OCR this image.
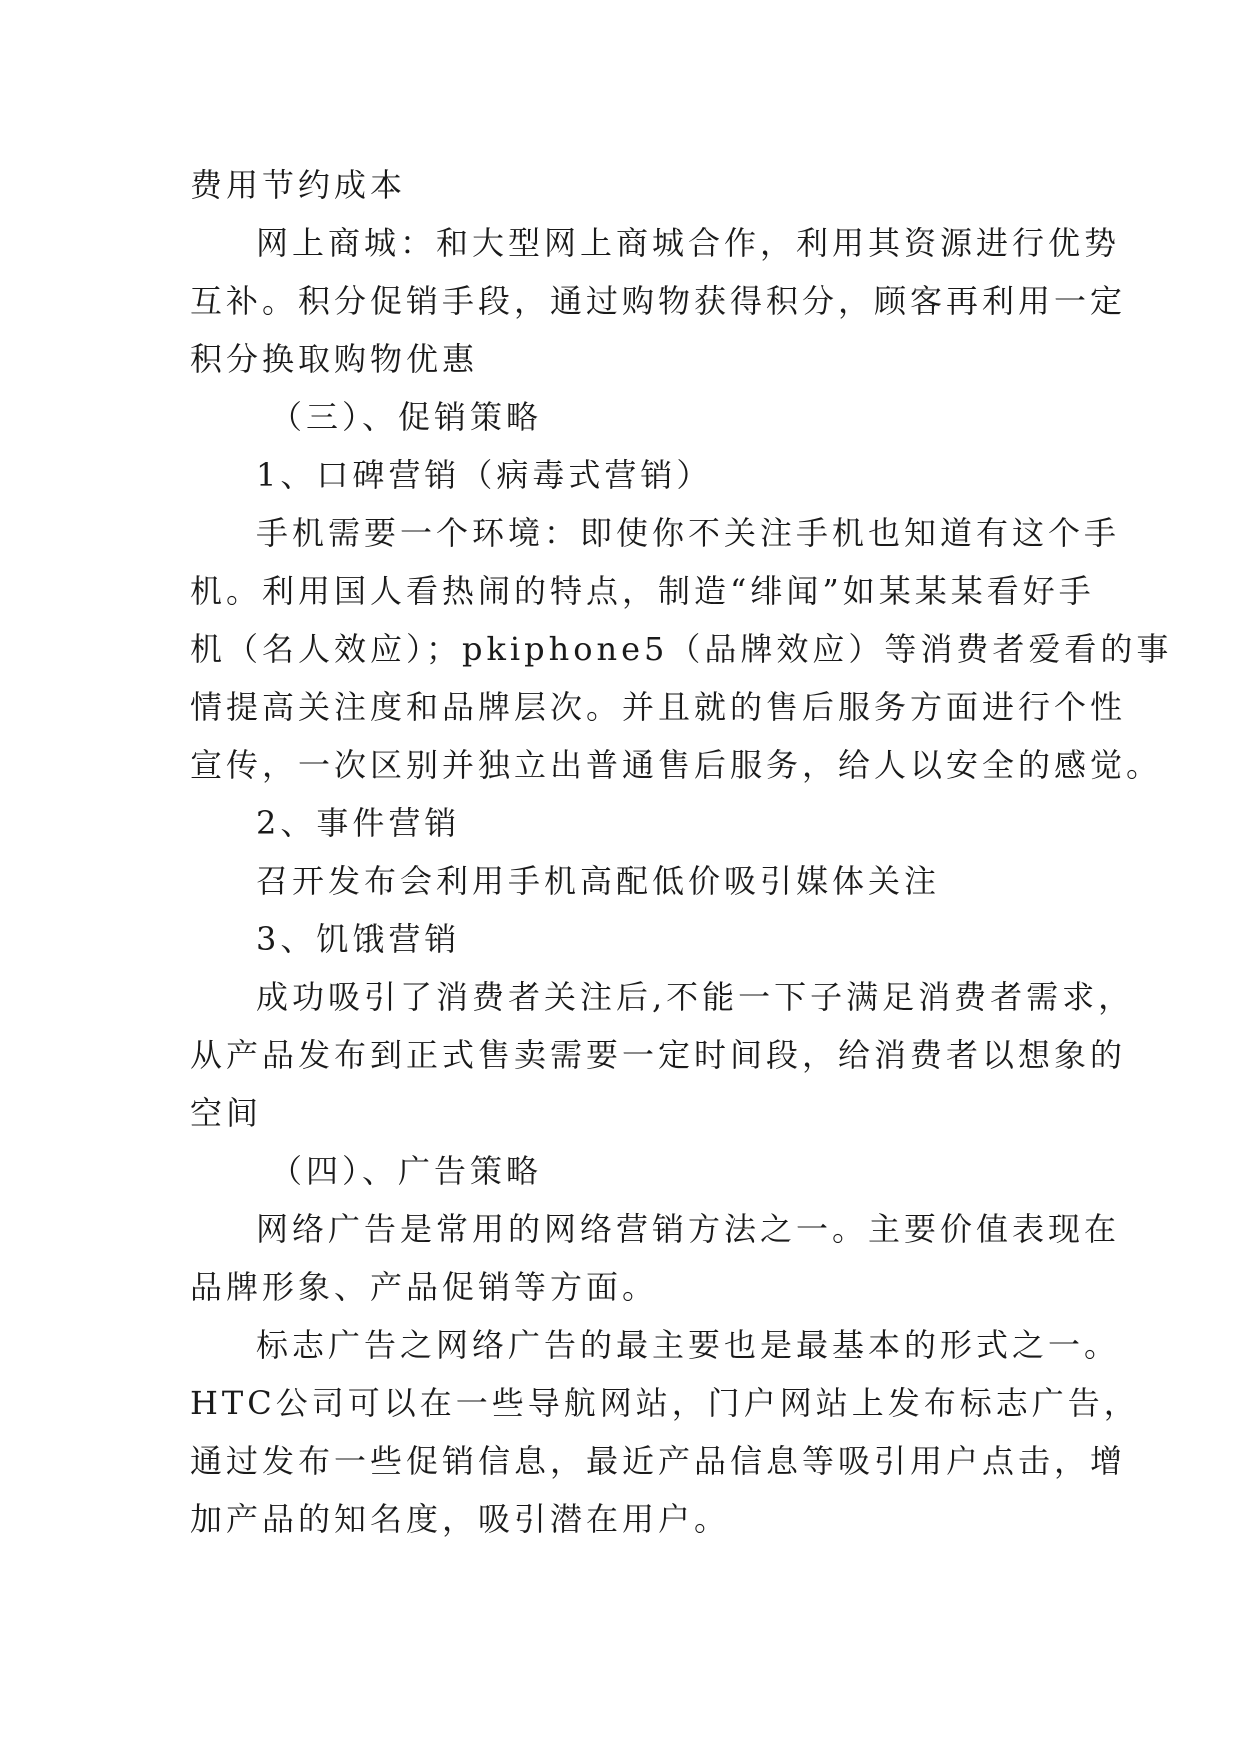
费用节约成本
网上商城：和大型网上商城合作，利用其资源进行优势
互补。积分促销手段，通过购物获得积分，顾客再利用一定
积分换取购物优惠
（三）、促销策略
1、口碑营销（病毒式营销）
手机需要一个环境：即使你不关注手机也知道有这个手
机。利用国人看热闹的特点，制造“绯闻”如某某某看好手
机（名人效应）；pkiphone5（品牌效应）等消费者爱看的事
情提高关注度和品牌层次。并且就的售后服务方面进行个性
宣传，一次区别并独立出普通售后服务，给人以安全的感觉。
2、事件营销
召开发布会利用手机高配低价吸引媒体关注
3、饥饿营销
成功吸引了消费者关注后,不能一下子满足消费者需求，
从产品发布到正式售卖需要一定时间段，给消费者以想象的
空间
（四）、广告策略
网络广告是常用的网络营销方法之一。主要价值表现在
品牌形象、产品促销等方面。
标志广告之网络广告的最主要也是最基本的形式之一。
HTC公司可以在一些导航网站，门户网站上发布标志广告，
通过发布一些促销信息，最近产品信息等吸引用户点击，增
加产品的知名度，吸引潜在用户。
